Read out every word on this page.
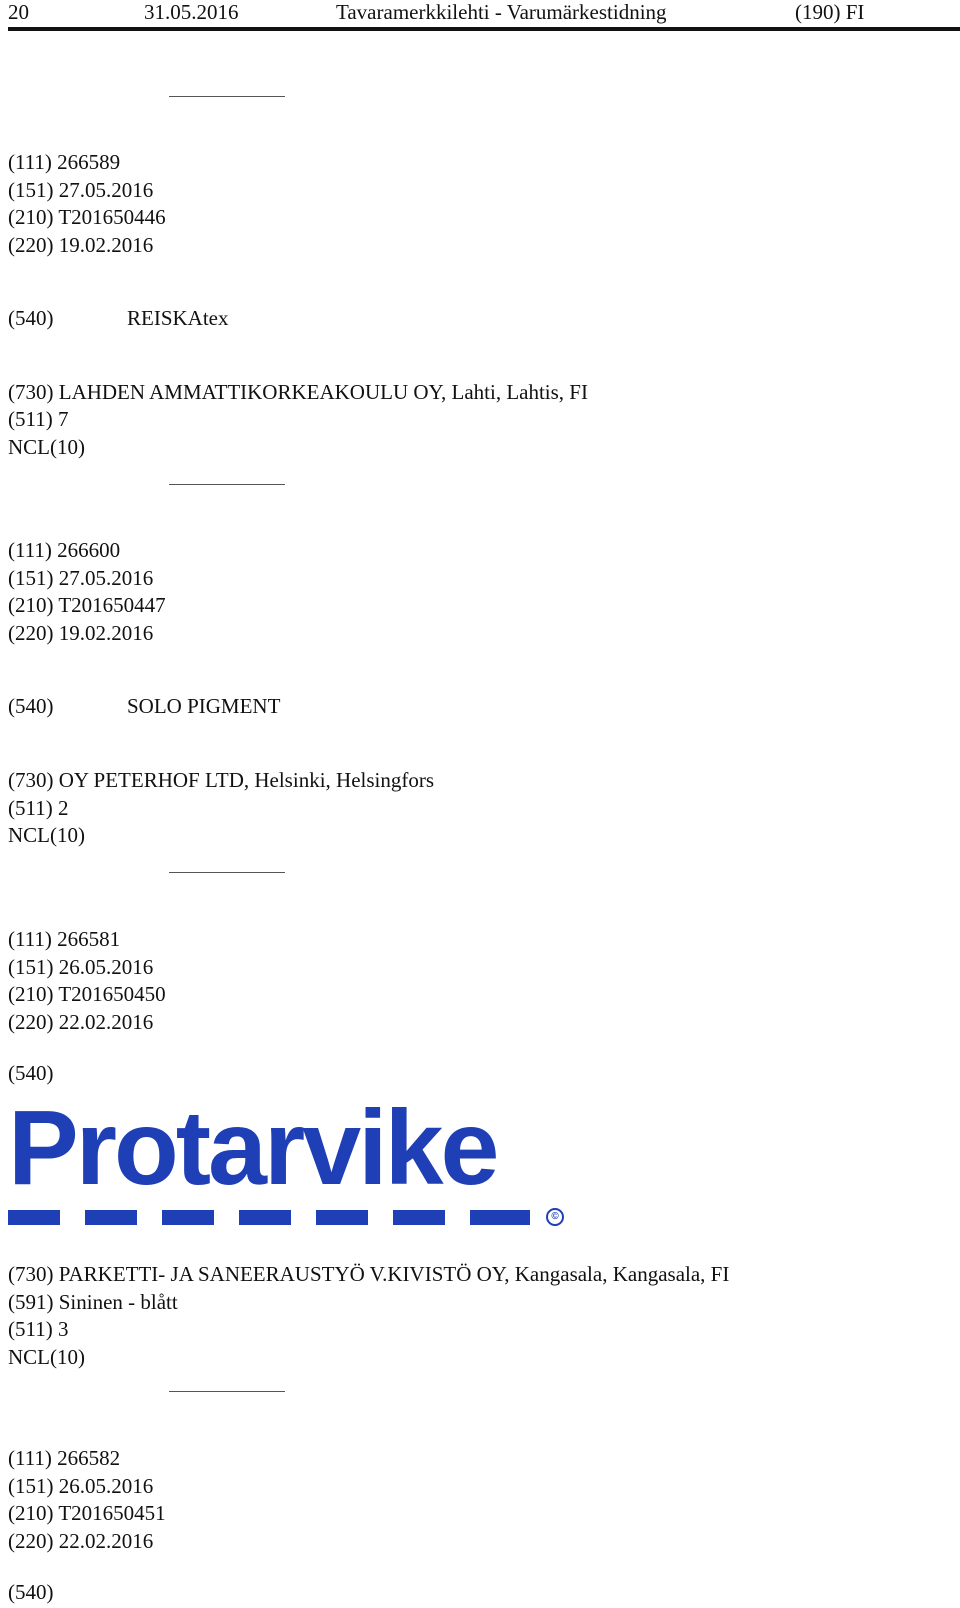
20	31.05.2016	Tavaramerkkilehti - Varumärkestidning	(190) FI
(111) 266589
(151) 27.05.2016
(210) T201650446
(220) 19.02.2016
(540)	REISKAtex
(730) LAHDEN AMMATTIKORKEAKOULU OY, Lahti, Lahtis, FI
(511) 7
NCL(10)
(111) 266600
(151) 27.05.2016
(210) T201650447
(220) 19.02.2016
(540)	SOLO PIGMENT
(730) OY PETERHOF LTD, Helsinki, Helsingfors
(511) 2
NCL(10)
(111) 266581
(151) 26.05.2016
(210) T201650450
(220) 22.02.2016
(540)
Protarvike
©
(730) PARKETTI- JA SANEERAUSTYÖ V.KIVISTÖ OY, Kangasala, Kangasala, FI
(591) Sininen - blått
(511) 3
NCL(10)
(111) 266582
(151) 26.05.2016
(210) T201650451
(220) 22.02.2016
(540)
